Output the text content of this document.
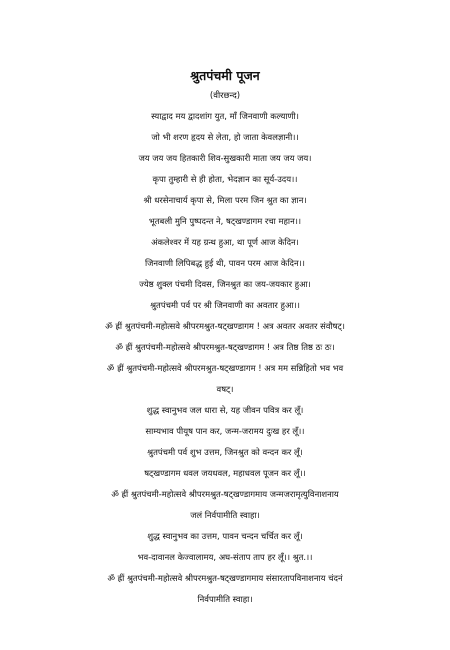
श्रुतपंचमी पूजन
(वीरछन्द)

स्याद्वाद मय द्वादशांग युत, माँ जिनवाणी कल्याणी।

जो भी शरण हृदय से लेता, हो जाता केवलज्ञानी।।

जय जय जय हितकारी शिव-सुखकारी माता जय जय जय।

कृपा तुम्हारी से ही होता, भेदज्ञान का सूर्य-उदय।।

श्री धरसेनाचार्य कृपा से, मिला परम जिन श्रुत का ज्ञान।

भूतबली मुनि पुष्पदन्त ने, षट्खण्डागम रचा महान।।

अंकलेश्वर में यह ग्रन्थ हुआ, था पूर्ण आज केदिन।

जिनवाणी लिपिबद्ध हुई थी, पावन परम आज केदिन।।

ज्येष्ठ शुक्ल पंचमी दिवस, जिनश्रुत का जय-जयकार हुआ।

श्रुतपंचमी पर्व पर श्री जिनवाणी का अवतार हुआ।।

ॐ ह्रीं श्रुतपंचमी-महोत्सवे श्रीपरमश्रुत-षट्खण्डागम ! अत्र अवतर अवतर संवौषट्।

ॐ ह्रीं श्रुतपंचमी-महोत्सवे श्रीपरमश्रुत-षट्खण्डागम ! अत्र तिष्ठ तिष्ठ ठः ठः।

ॐ ह्रीं श्रुतपंचमी-महोत्सवे श्रीपरमश्रुत-षट्खण्डागम ! अत्र मम सन्निहितो भव भव

वषट्।

शुद्ध स्वानुभव जल धारा से, यह जीवन पवित्र कर लूँ।

साम्यभाव पीयूष पान कर, जन्म-जरामय दुःख हर लूँ।।

श्रुतपंचमी पर्व शुभ उत्तम, जिनश्रुत को वन्दन कर लूँ।

षट्खण्डागम धवल जयधवल, महाधवल पूजन कर लूँ।।

ॐ ह्रीं श्रुतपंचमी-महोत्सवे श्रीपरमश्रुत-षट्खण्डागमाय जन्मजरामृत्युविनाशनाय

जलं निर्वपामीति स्वाहा।

शुद्ध स्वानुभव का उत्तम, पावन चन्दन चर्चित कर लूँ।

भव-दावानल केज्वालामय, अघ-संताप ताप हर लूँ।। श्रुत.।।

ॐ ह्रीं श्रुतपंचमी-महोत्सवे श्रीपरमश्रुत-षट्खण्डागमाय संसारतापविनाशनाय चंदनं

निर्वपामीति स्वाहा।
